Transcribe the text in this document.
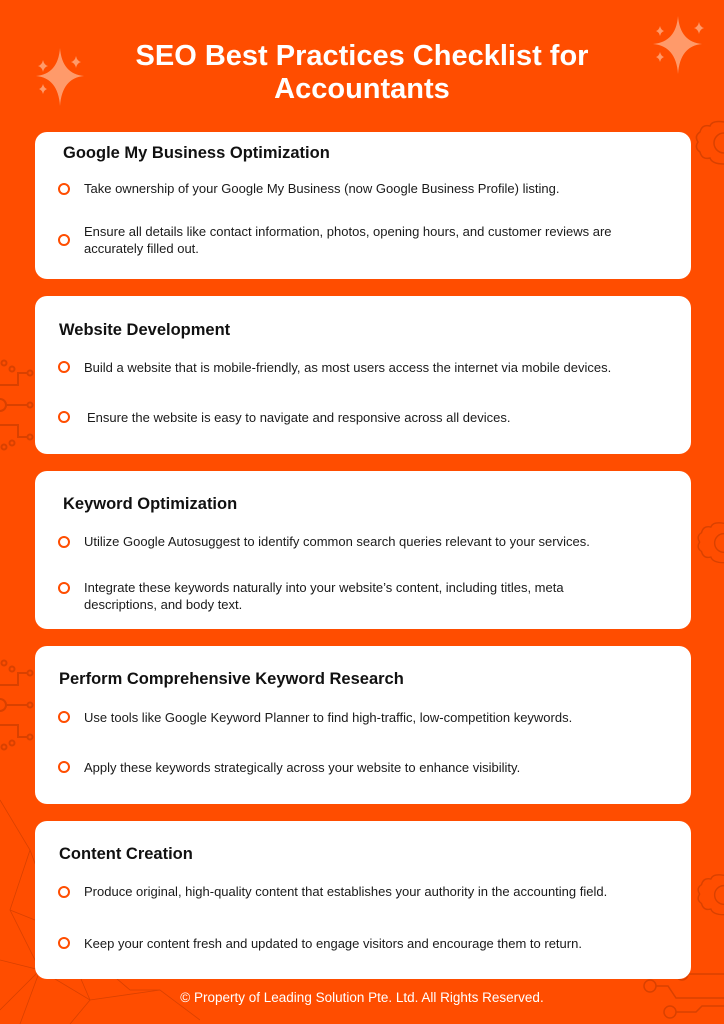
SEO Best Practices Checklist for
Accountants
Google My Business Optimization
Take ownership of your Google My Business (now Google Business Profile) listing.
Ensure all details like contact information, photos, opening hours, and customer reviews are accurately filled out.
Website Development
Build a website that is mobile-friendly, as most users access the internet via mobile devices.
Ensure the website is easy to navigate and responsive across all devices.
Keyword Optimization
Utilize Google Autosuggest to identify common search queries relevant to your services.
Integrate these keywords naturally into your website’s content, including titles, meta descriptions, and body text.
Perform Comprehensive Keyword Research
Use tools like Google Keyword Planner to find high-traffic, low-competition keywords.
Apply these keywords strategically across your website to enhance visibility.
Content Creation
Produce original, high-quality content that establishes your authority in the accounting field.
Keep your content fresh and updated to engage visitors and encourage them to return.
© Property of Leading Solution Pte. Ltd. All Rights Reserved.
